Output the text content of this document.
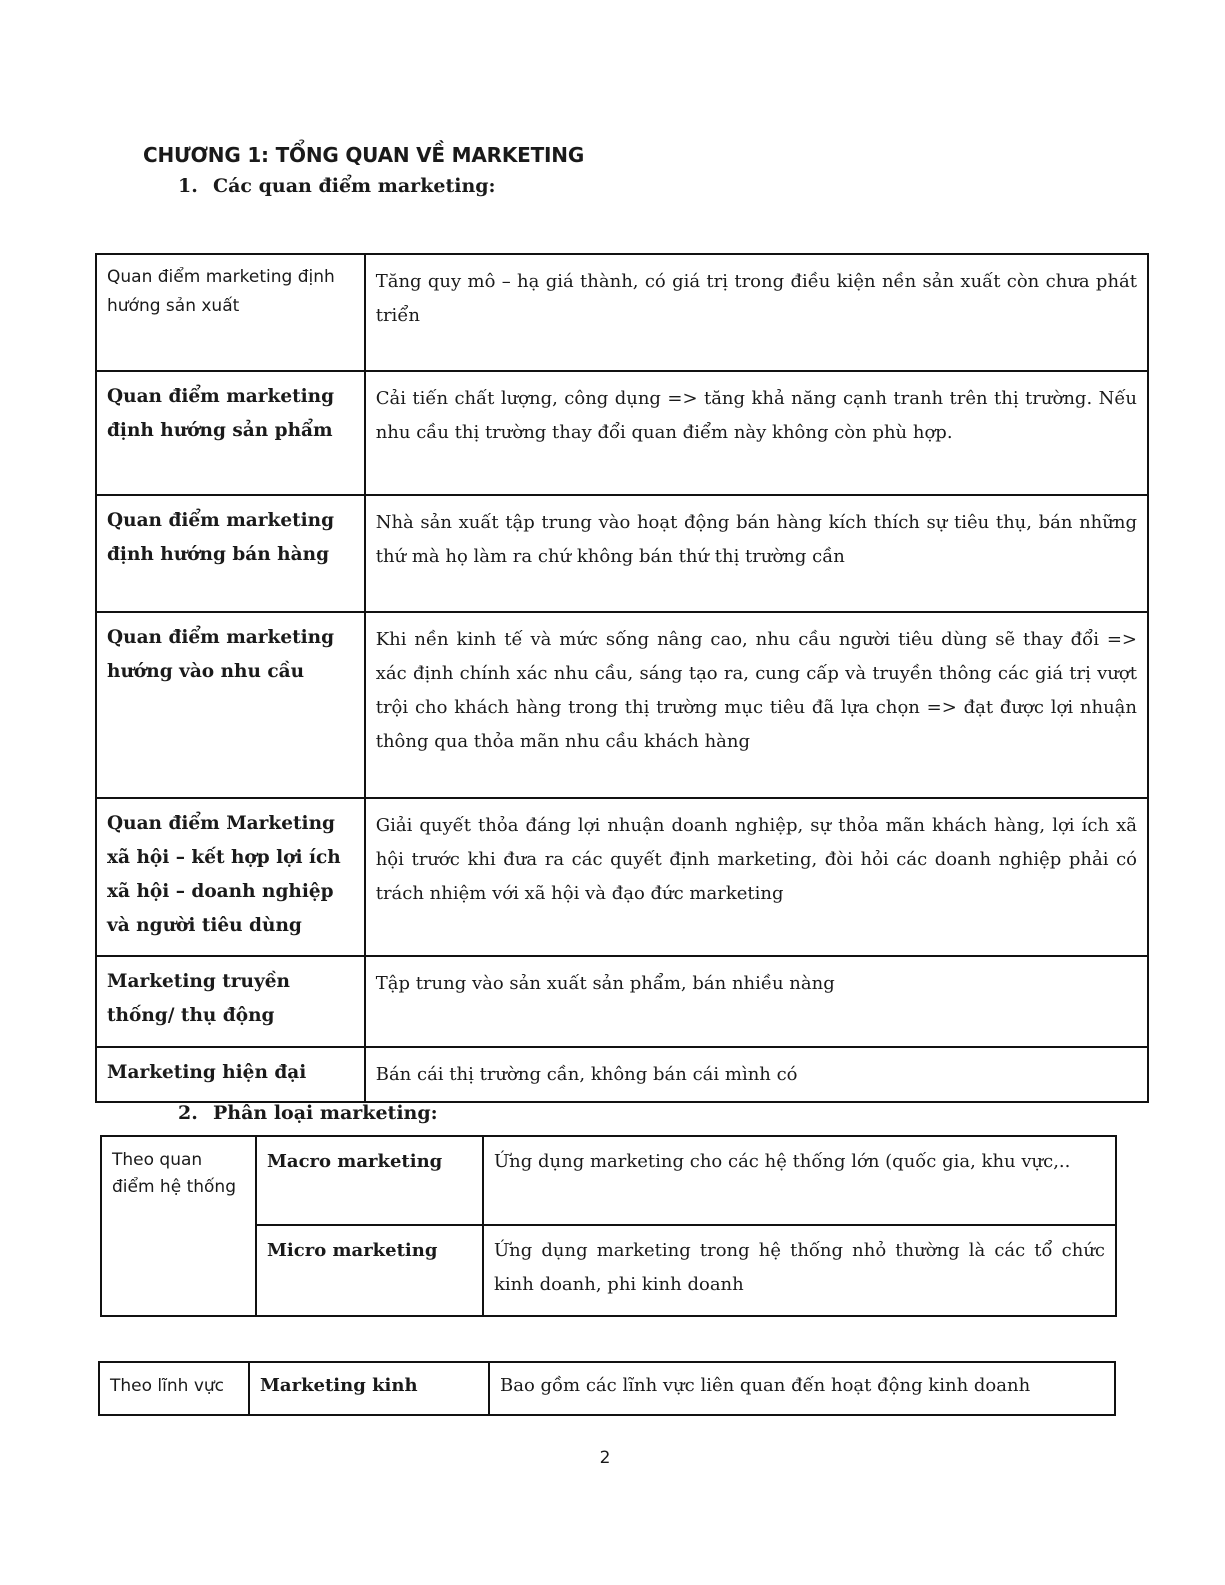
CHƯƠNG 1: TỔNG QUAN VỀ MARKETING
1. Các quan điểm marketing:
Quan điểm marketing định hướng sản xuất	Tăng quy mô – hạ giá thành, có giá trị trong điều kiện nền sản xuất còn chưa phát triển
Quan điểm marketing định hướng sản phẩm	Cải tiến chất lượng, công dụng => tăng khả năng cạnh tranh trên thị trường. Nếu nhu cầu thị trường thay đổi quan điểm này không còn phù hợp.
Quan điểm marketing định hướng bán hàng	Nhà sản xuất tập trung vào hoạt động bán hàng kích thích sự tiêu thụ, bán những thứ mà họ làm ra chứ không bán thứ thị trường cần
Quan điểm marketing hướng vào nhu cầu	Khi nền kinh tế và mức sống nâng cao, nhu cầu người tiêu dùng sẽ thay đổi => xác định chính xác nhu cầu, sáng tạo ra, cung cấp và truyền thông các giá trị vượt trội cho khách hàng trong thị trường mục tiêu đã lựa chọn => đạt được lợi nhuận thông qua thỏa mãn nhu cầu khách hàng
Quan điểm Marketing xã hội – kết hợp lợi ích xã hội – doanh nghiệp và người tiêu dùng	Giải quyết thỏa đáng lợi nhuận doanh nghiệp, sự thỏa mãn khách hàng, lợi ích xã hội trước khi đưa ra các quyết định marketing, đòi hỏi các doanh nghiệp phải có trách nhiệm với xã hội và đạo đức marketing
Marketing truyền thống/ thụ động	Tập trung vào sản xuất sản phẩm, bán nhiều nàng
Marketing hiện đại	Bán cái thị trường cần, không bán cái mình có
2. Phân loại marketing:
Theo quan điểm hệ thống	Macro marketing	Ứng dụng marketing cho các hệ thống lớn (quốc gia, khu vực,..
	Micro marketing	Ứng dụng marketing trong hệ thống nhỏ thường là các tổ chức kinh doanh, phi kinh doanh
Theo lĩnh vực	Marketing kinh	Bao gồm các lĩnh vực liên quan đến hoạt động kinh doanh
2
